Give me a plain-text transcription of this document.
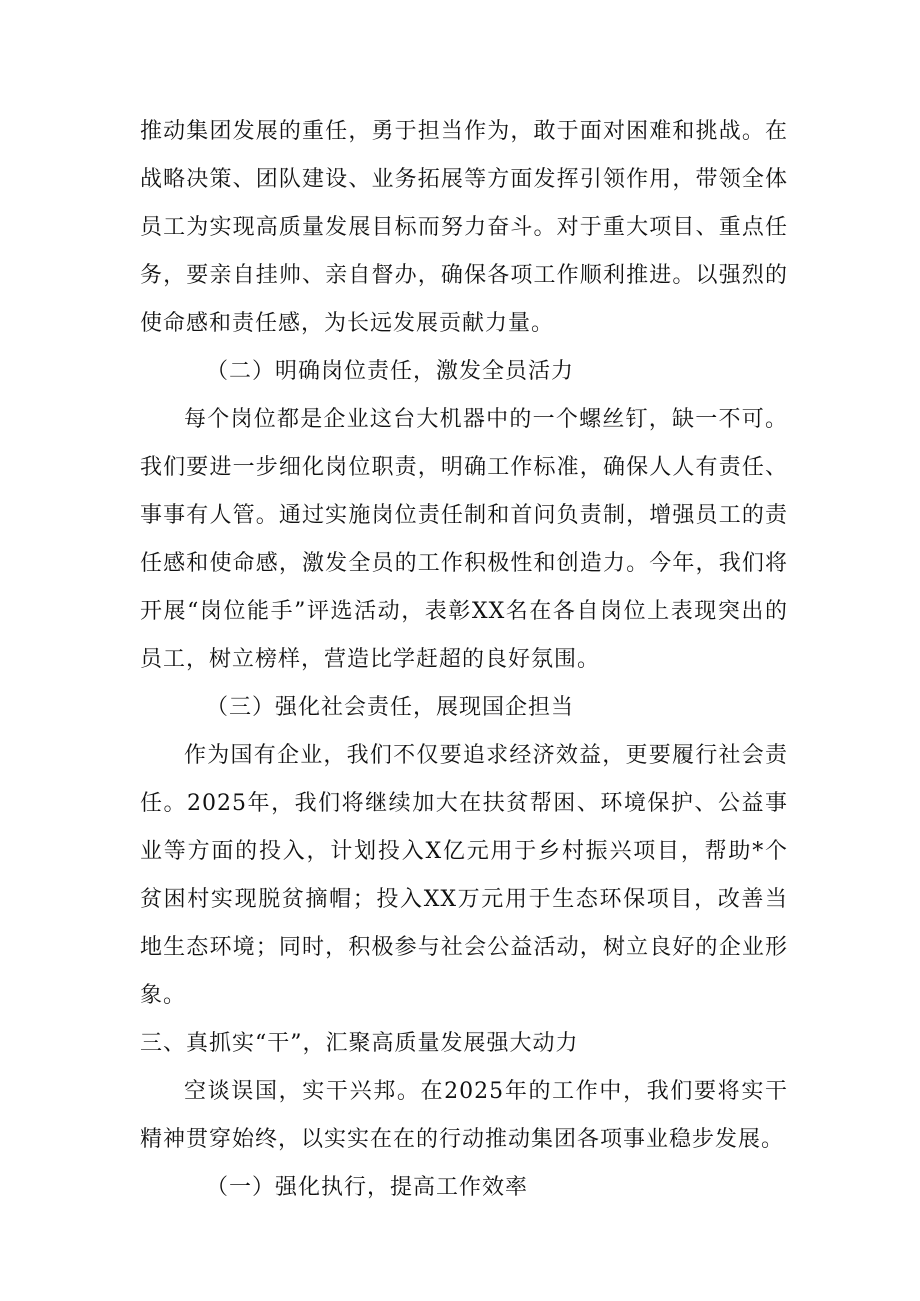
推动集团发展的重任，勇于担当作为，敢于面对困难和挑战。在战略决策、团队建设、业务拓展等方面发挥引领作用，带领全体员工为实现高质量发展目标而努力奋斗。对于重大项目、重点任务，要亲自挂帅、亲自督办，确保各项工作顺利推进。以强烈的使命感和责任感，为长远发展贡献力量。

（二）明确岗位责任，激发全员活力

每个岗位都是企业这台大机器中的一个螺丝钉，缺一不可。我们要进一步细化岗位职责，明确工作标准，确保人人有责任、事事有人管。通过实施岗位责任制和首问负责制，增强员工的责任感和使命感，激发全员的工作积极性和创造力。今年，我们将开展“岗位能手”评选活动，表彰XX名在各自岗位上表现突出的员工，树立榜样，营造比学赶超的良好氛围。

（三）强化社会责任，展现国企担当

作为国有企业，我们不仅要追求经济效益，更要履行社会责任。2025年，我们将继续加大在扶贫帮困、环境保护、公益事业等方面的投入，计划投入X亿元用于乡村振兴项目，帮助*个贫困村实现脱贫摘帽；投入XX万元用于生态环保项目，改善当地生态环境；同时，积极参与社会公益活动，树立良好的企业形象。

三、真抓实“干”，汇聚高质量发展强大动力

空谈误国，实干兴邦。在2025年的工作中，我们要将实干精神贯穿始终，以实实在在的行动推动集团各项事业稳步发展。

（一）强化执行，提高工作效率
